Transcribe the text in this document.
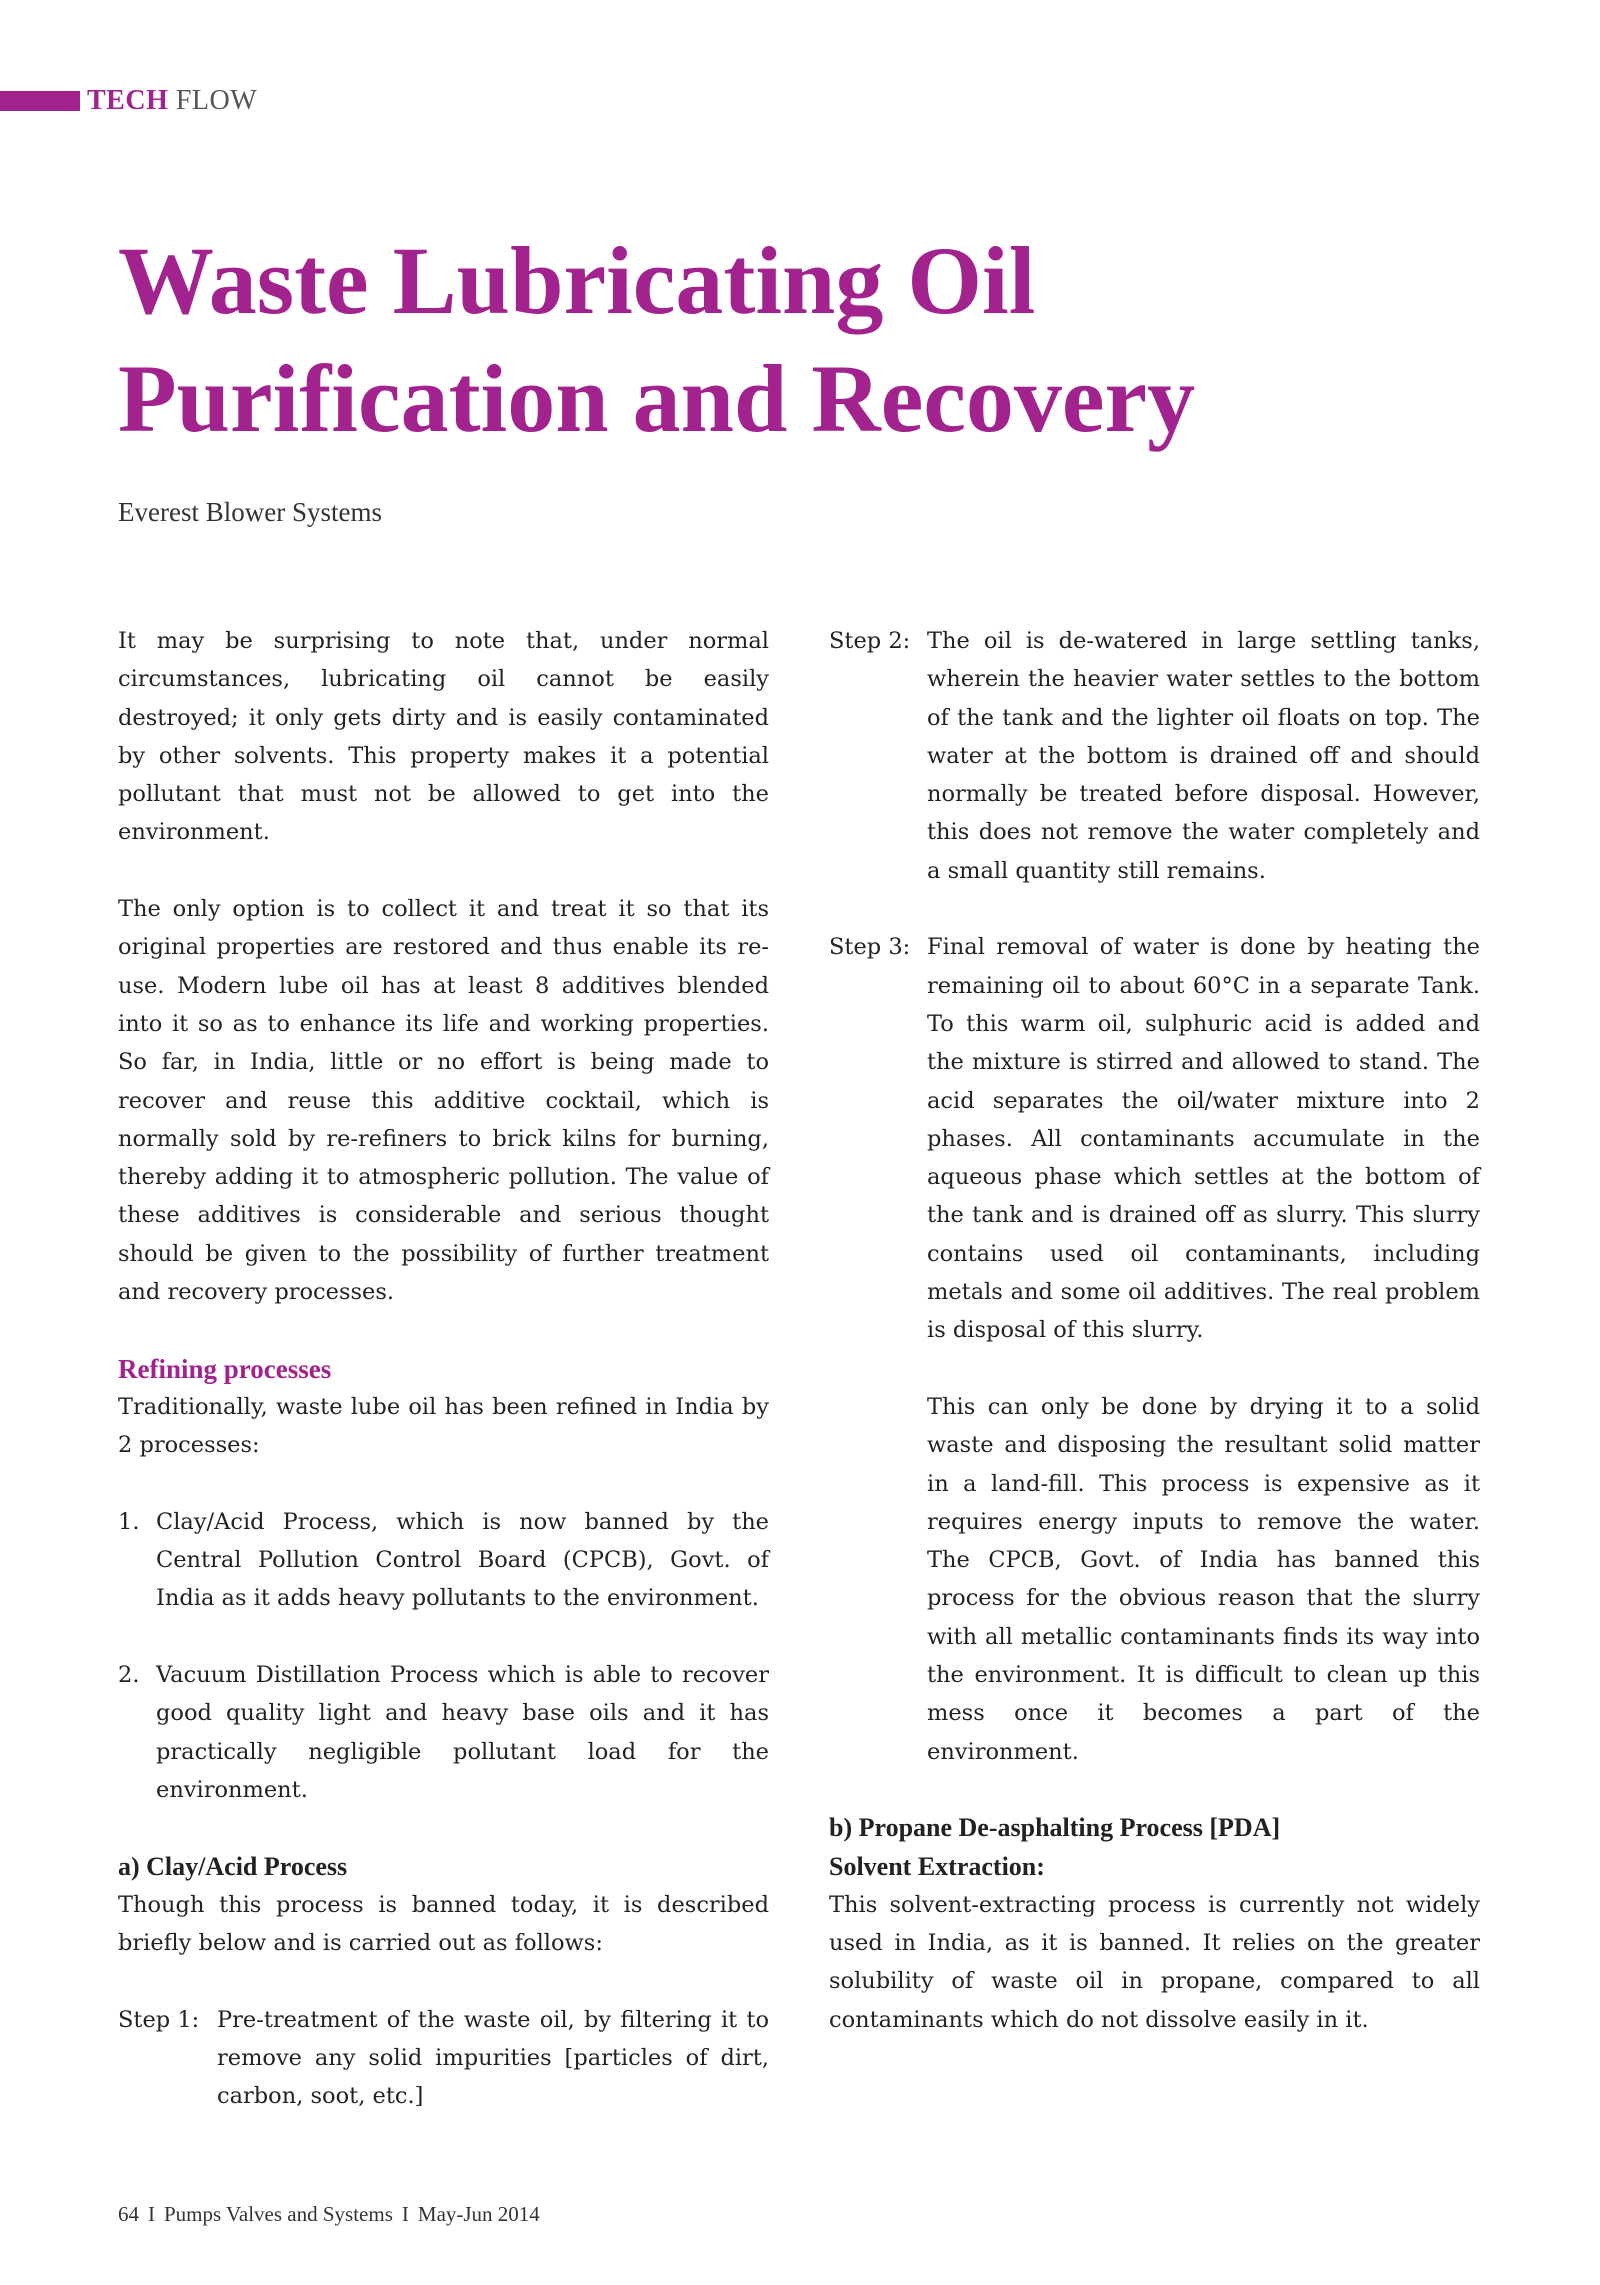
TECH FLOW
Waste Lubricating Oil Purification and Recovery
Everest Blower Systems

It may be surprising to note that, under normal circumstances, lubricating oil cannot be easily destroyed; it only gets dirty and is easily contaminated by other solvents. This property makes it a potential pollutant that must not be allowed to get into the environment.

The only option is to collect it and treat it so that its original properties are restored and thus enable its re-use. Modern lube oil has at least 8 additives blended into it so as to enhance its life and working properties. So far, in India, little or no effort is being made to recover and reuse this additive cocktail, which is normally sold by re-refiners to brick kilns for burning, thereby adding it to atmospheric pollution. The value of these additives is considerable and serious thought should be given to the possibility of further treatment and recovery processes.

Refining processes

Traditionally, waste lube oil has been refined in India by 2 processes:

1. Clay/Acid Process, which is now banned by the Central Pollution Control Board (CPCB), Govt. of India as it adds heavy pollutants to the environment.
2. Vacuum Distillation Process which is able to recover good quality light and heavy base oils and it has practically negligible pollutant load for the environment.
a) Clay/Acid Process

Though this process is banned today, it is described briefly below and is carried out as follows:

Step 1: Pre-treatment of the waste oil, by filtering it to remove any solid impurities [particles of dirt, carbon, soot, etc.]
Step 2: The oil is de-watered in large settling tanks, wherein the heavier water settles to the bottom of the tank and the lighter oil floats on top. The water at the bottom is drained off and should normally be treated before disposal. However, this does not remove the water completely and a small quantity still remains.
Step 3: Final removal of water is done by heating the remaining oil to about 60°C in a separate Tank. To this warm oil, sulphuric acid is added and the mixture is stirred and allowed to stand. The acid separates the oil/water mixture into 2 phases. All contaminants accumulate in the aqueous phase which settles at the bottom of the tank and is drained off as slurry. This slurry contains used oil contaminants, including metals and some oil additives. The real problem is disposal of this slurry.

This can only be done by drying it to a solid waste and disposing the resultant solid matter in a land-fill. This process is expensive as it requires energy inputs to remove the water. The CPCB, Govt. of India has banned this process for the obvious reason that the slurry with all metallic contaminants finds its way into the environment. It is difficult to clean up this mess once it becomes a part of the environment.

b) Propane De-asphalting Process [PDA]
Solvent Extraction:

This solvent-extracting process is currently not widely used in India, as it is banned. It relies on the greater solubility of waste oil in propane, compared to all contaminants which do not dissolve easily in it.

64 I Pumps Valves and Systems I May-Jun 2014
